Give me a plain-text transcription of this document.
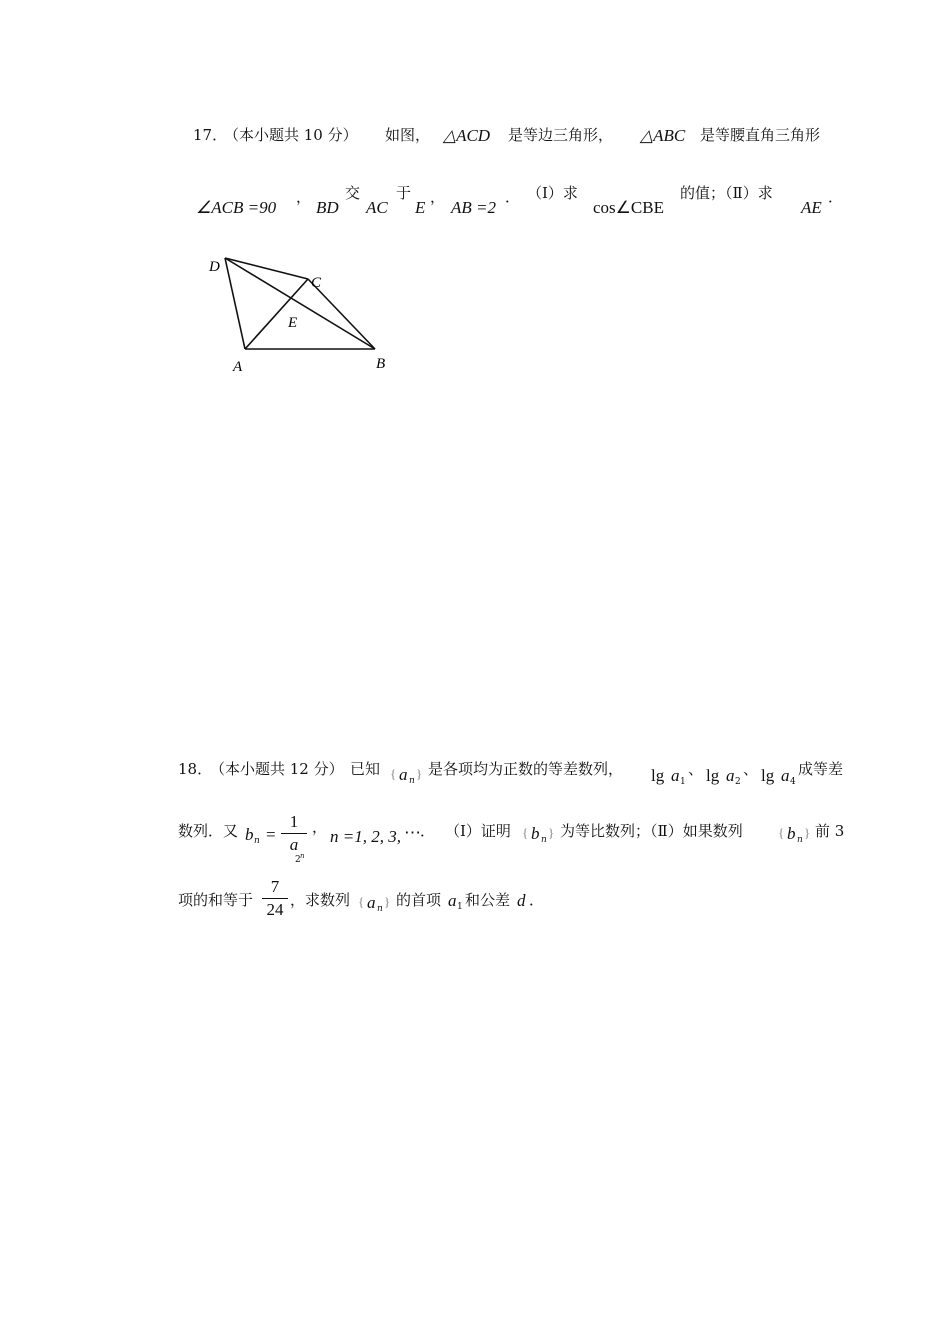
17．
（本小题共 10 分） 如图， △ACD 是等边三角形， △ABC 是等腰直角三角形
∠ACB =90
，
BD
交
AC
于
E
，
AB =2
． （Ⅰ）求
cos∠CBE
的值；（Ⅱ）求
AE
．
D
C
E
A	B
18．
（本小题共 12 分） 已知 { a n } 是各项均为正数的等差数列， lg a 1
、 lg a 2
、 lg a 4
成等差
数列．又 b n =
1
a
2 n
， n =1, 2, 3, ⋯ ． （Ⅰ）证明 { b n } 为等比数列；（Ⅱ）如果数列	{ b n } 前 3
项的和等于
7
24 ，求数列 { a n } 的首项 a 1 和公差 d ．
